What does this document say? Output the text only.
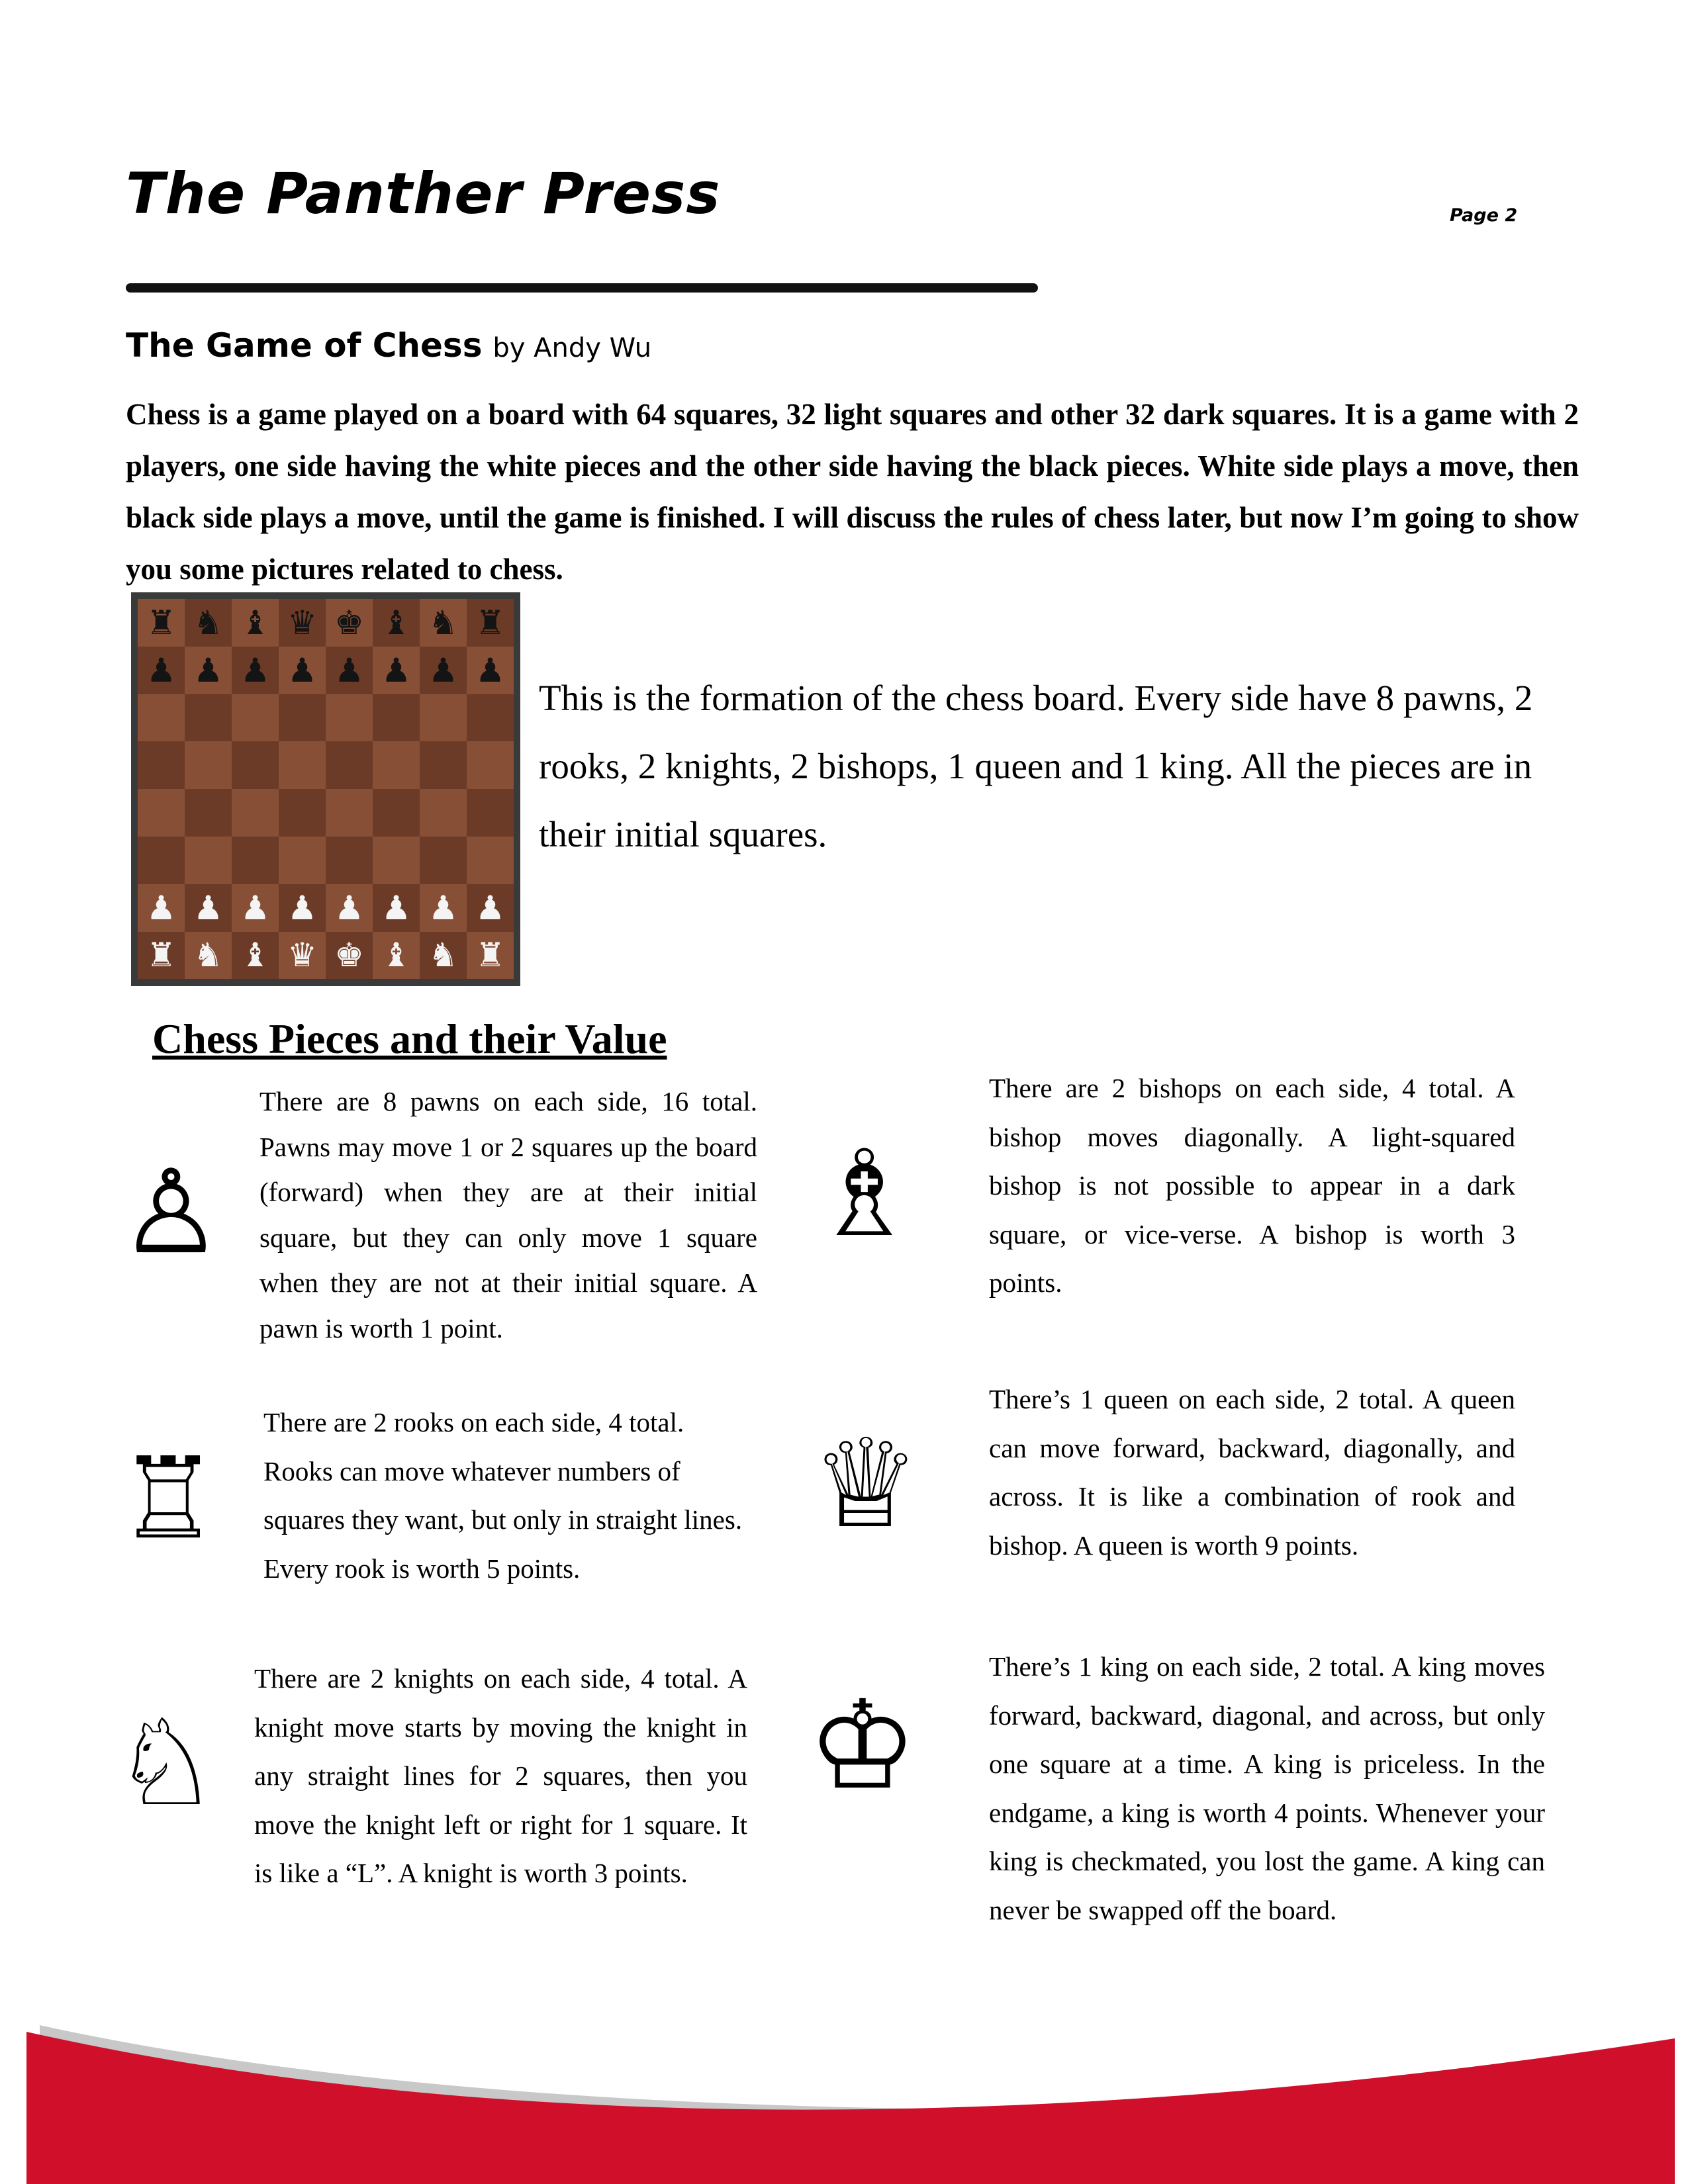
The Panther Press	Page 2
The Game of Chess by Andy Wu
Chess is a game played on a board with 64 squares, 32 light squares and other 32 dark squares. It is a game with 2 players, one side having the white pieces and the other side having the black pieces. White side plays a move, then black side plays a move, until the game is finished. I will discuss the rules of chess later, but now I’m going to show you some pictures related to chess.
♜ ♞ ♝ ♛ ♚ ♝ ♞ ♜
♟ ♟ ♟ ♟ ♟ ♟ ♟ ♟
♟ ♟ ♟ ♟ ♟ ♟ ♟ ♟
♜ ♞ ♝ ♛ ♚ ♝ ♞ ♜
This is the formation of the chess board. Every side have 8 pawns, 2 rooks, 2 knights, 2 bishops, 1 queen and 1 king. All the pieces are in their initial squares.
Chess Pieces and their Value
♙
There are 8 pawns on each side, 16 total. Pawns may move 1 or 2 squares up the board (forward) when they are at their initial square, but they can only move 1 square when they are not at their initial square. A pawn is worth 1 point.
♖
There are 2 rooks on each side, 4 total. Rooks can move whatever numbers of squares they want, but only in straight lines. Every rook is worth 5 points.
♘
There are 2 knights on each side, 4 total. A knight move starts by moving the knight in any straight lines for 2 squares, then you move the knight left or right for 1 square. It is like a “L”. A knight is worth 3 points.
♗
There are 2 bishops on each side, 4 total. A bishop moves diagonally. A light-squared bishop is not possible to appear in a dark square, or vice-verse. A bishop is worth 3 points.
♕
There’s 1 queen on each side, 2 total. A queen can move forward, backward, diagonally, and across. It is like a combination of rook and bishop. A queen is worth 9 points.
♔
There’s 1 king on each side, 2 total. A king moves forward, backward, diagonal, and across, but only one square at a time. A king is priceless. In the endgame, a king is worth 4 points. Whenever your king is checkmated, you lost the game. A king can never be swapped off the board.
